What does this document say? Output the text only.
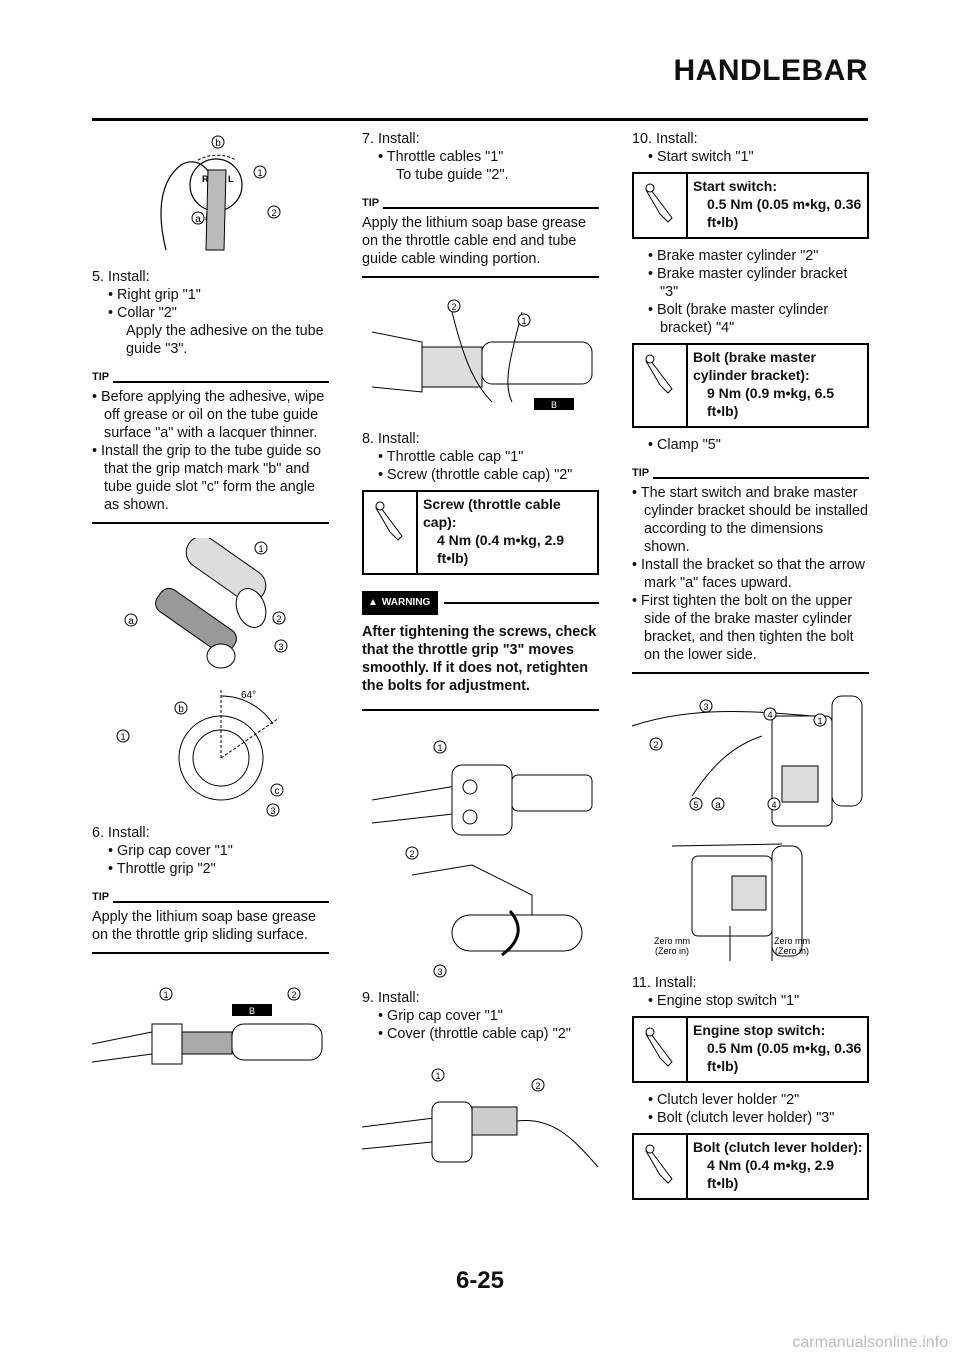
HANDLEBAR
b
1
2
a
R L

5. Install:

• Right grip "1"

• Collar "2"

Apply the adhesive on the tube guide "3".

TIP

• Before applying the adhesive, wipe off grease or oil on the tube guide surface "a" with a lacquer thinner.

• Install the grip to the tube guide so that the grip match mark "b" and tube guide slot "c" form the angle as shown.

1
a	2
3
64°
b
1
c
3

6. Install:

• Grip cap cover "1"

• Throttle grip "2"

TIP

Apply the lithium soap base grease on the throttle grip sliding surface.

1	2
B

7. Install:

• Throttle cables "1"

To tube guide "2".

TIP

Apply the lithium soap base grease on the throttle cable end and tube guide cable winding portion.

2
1
B

8. Install:

• Throttle cable cap "1"

• Screw (throttle cable cap) "2"

Screw (throttle cable cap):
4 Nm (0.4 m•kg, 2.9 ft•lb)
▲ WARNING

After tightening the screws, check that the throttle grip "3" moves smoothly. If it does not, retighten the bolts for adjustment.

1
2
3

9. Install:

• Grip cap cover "1"

• Cover (throttle cable cap) "2"

1
2

10. Install:

• Start switch "1"

Start switch:
0.5 Nm (0.05 m•kg, 0.36 ft•lb)

• Brake master cylinder "2"

• Brake master cylinder bracket "3"

• Bolt (brake master cylinder bracket) "4"

Bolt (brake master cylinder bracket):
9 Nm (0.9 m•kg, 6.5 ft•lb)

• Clamp "5"

TIP

• The start switch and brake master cylinder bracket should be installed according to the dimensions shown.

• Install the bracket so that the arrow mark "a" faces upward.

• First tighten the bolt on the upper side of the brake master cylinder bracket, and then tighten the bolt on the lower side.

3
4
1
2
5 a	4
Zero mm
(Zero in)
Zero mm
(Zero in)

11. Install:

• Engine stop switch "1"

Engine stop switch:
0.5 Nm (0.05 m•kg, 0.36 ft•lb)

• Clutch lever holder "2"

• Bolt (clutch lever holder) "3"

Bolt (clutch lever holder):
4 Nm (0.4 m•kg, 2.9 ft•lb)
6-25
carmanualsonline.info
